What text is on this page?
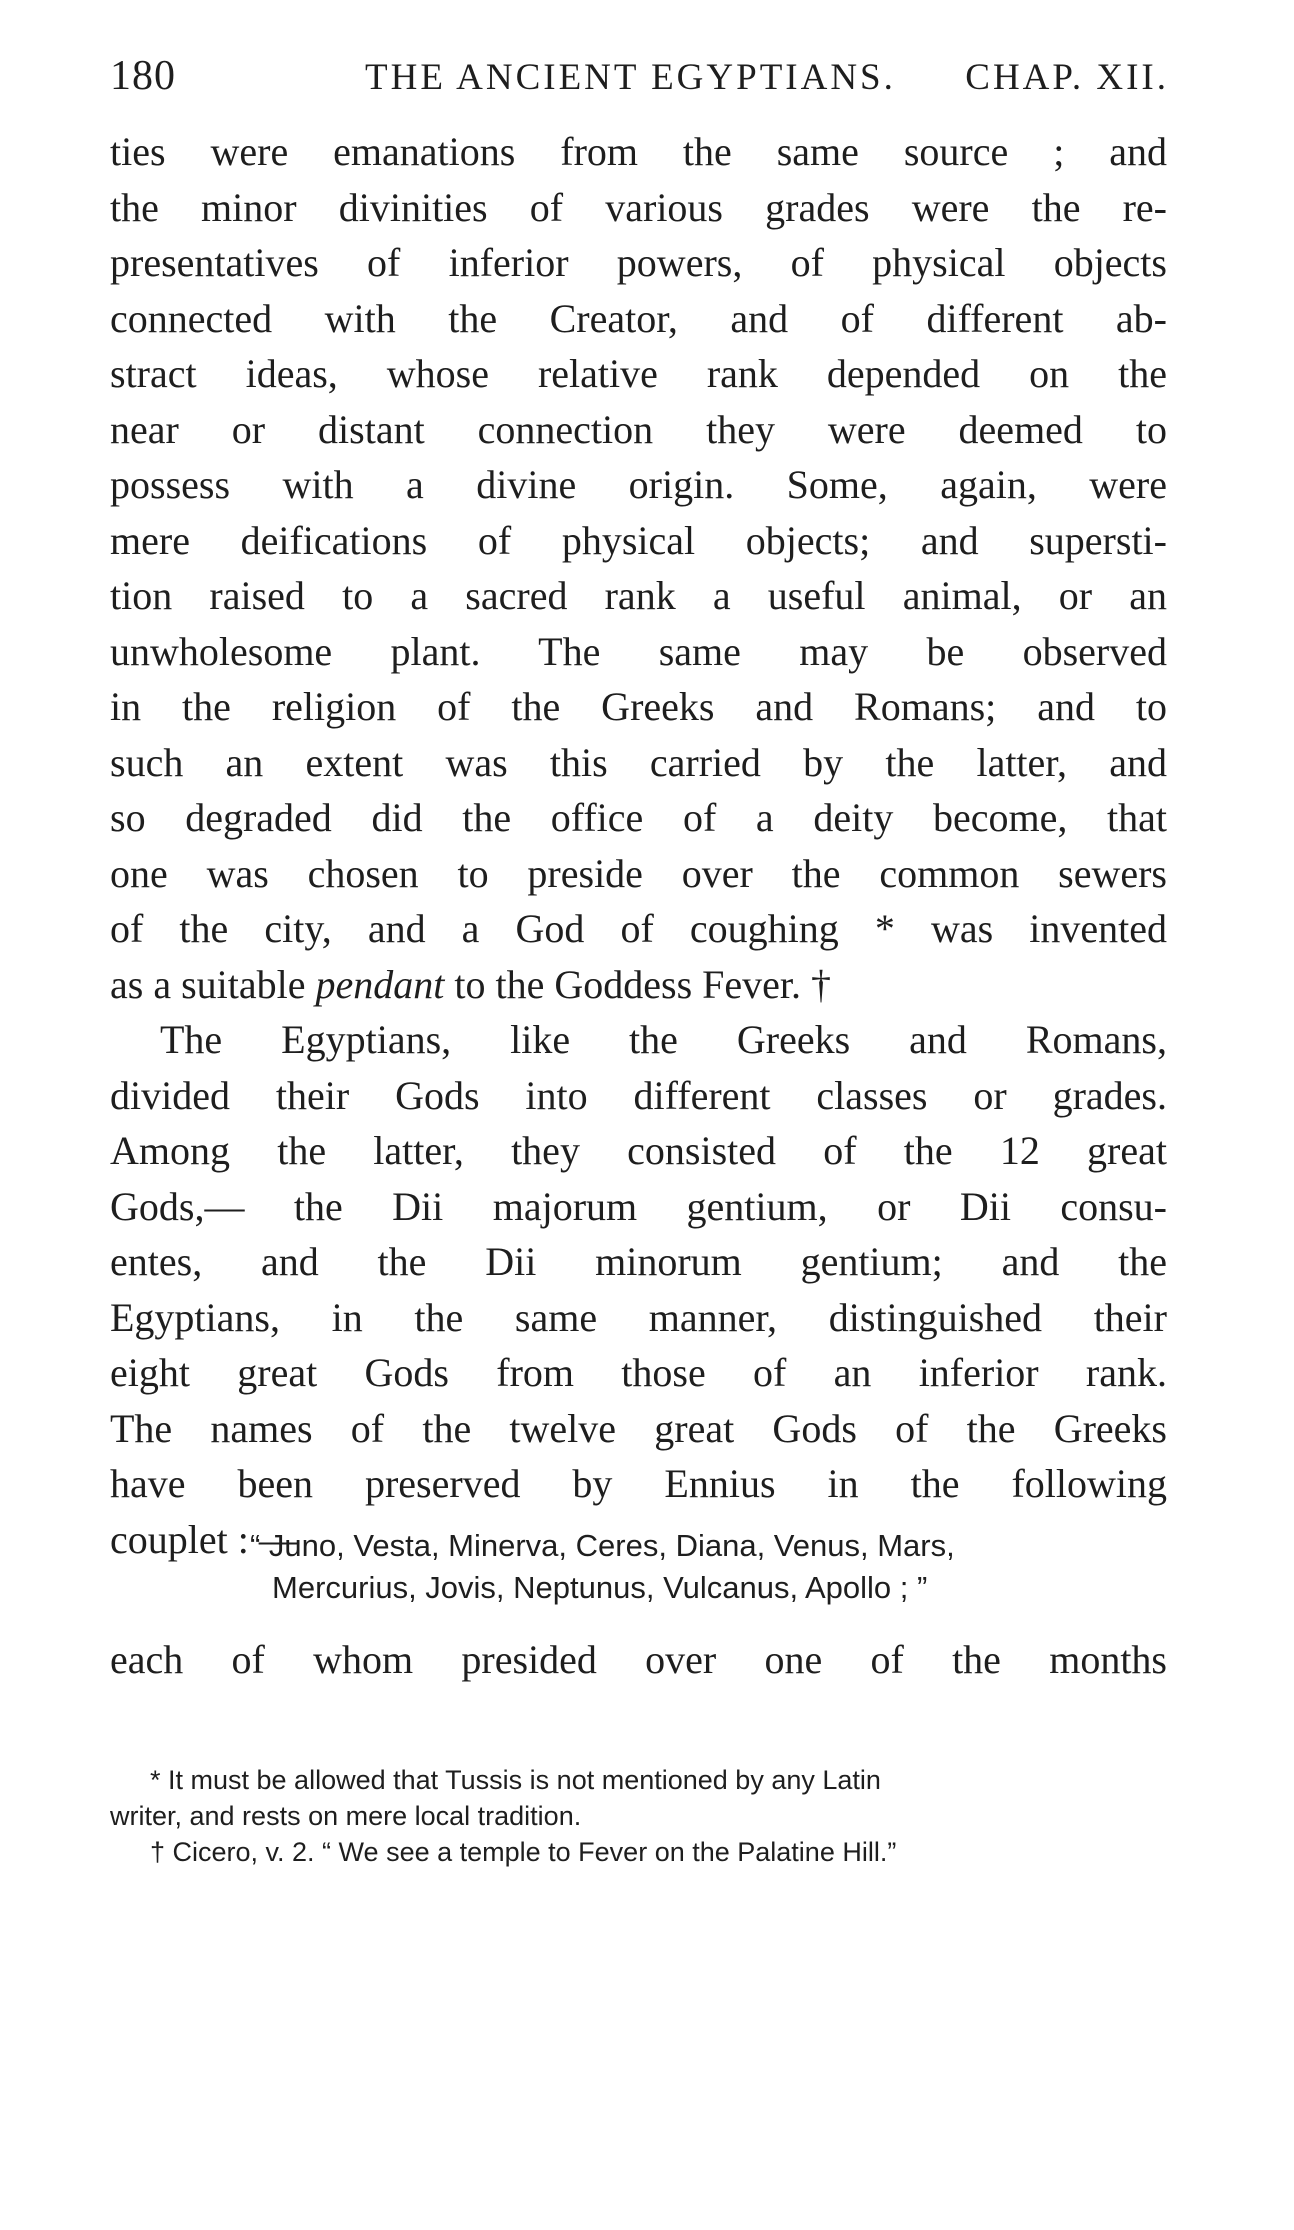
180	THE ANCIENT EGYPTIANS. CHAP. XII.
ties were emanations from the same source ; and
the minor divinities of various grades were the re-
presentatives of inferior powers, of physical objects
connected with the Creator, and of different ab-
stract ideas, whose relative rank depended on the
near or distant connection they were deemed to
possess with a divine origin. Some, again, were
mere deifications of physical objects; and supersti-
tion raised to a sacred rank a useful animal, or an
unwholesome plant. The same may be observed
in the religion of the Greeks and Romans; and to
such an extent was this carried by the latter, and
so degraded did the office of a deity become, that
one was chosen to preside over the common sewers
of the city, and a God of coughing * was invented
as a suitable pendant to the Goddess Fever. †
The Egyptians, like the Greeks and Romans,
divided their Gods into different classes or grades.
Among the latter, they consisted of the 12 great
Gods,— the Dii majorum gentium, or Dii consu-
entes, and the Dii minorum gentium; and the
Egyptians, in the same manner, distinguished their
eight great Gods from those of an inferior rank.
The names of the twelve great Gods of the Greeks
have been preserved by Ennius in the following
couplet : —
“ Juno, Vesta, Minerva, Ceres, Diana, Venus, Mars,
Mercurius, Jovis, Neptunus, Vulcanus, Apollo ; ”
each of whom presided over one of the months
* It must be allowed that Tussis is not mentioned by any Latin
writer, and rests on mere local tradition.
† Cicero, v. 2. “ We see a temple to Fever on the Palatine Hill.”
